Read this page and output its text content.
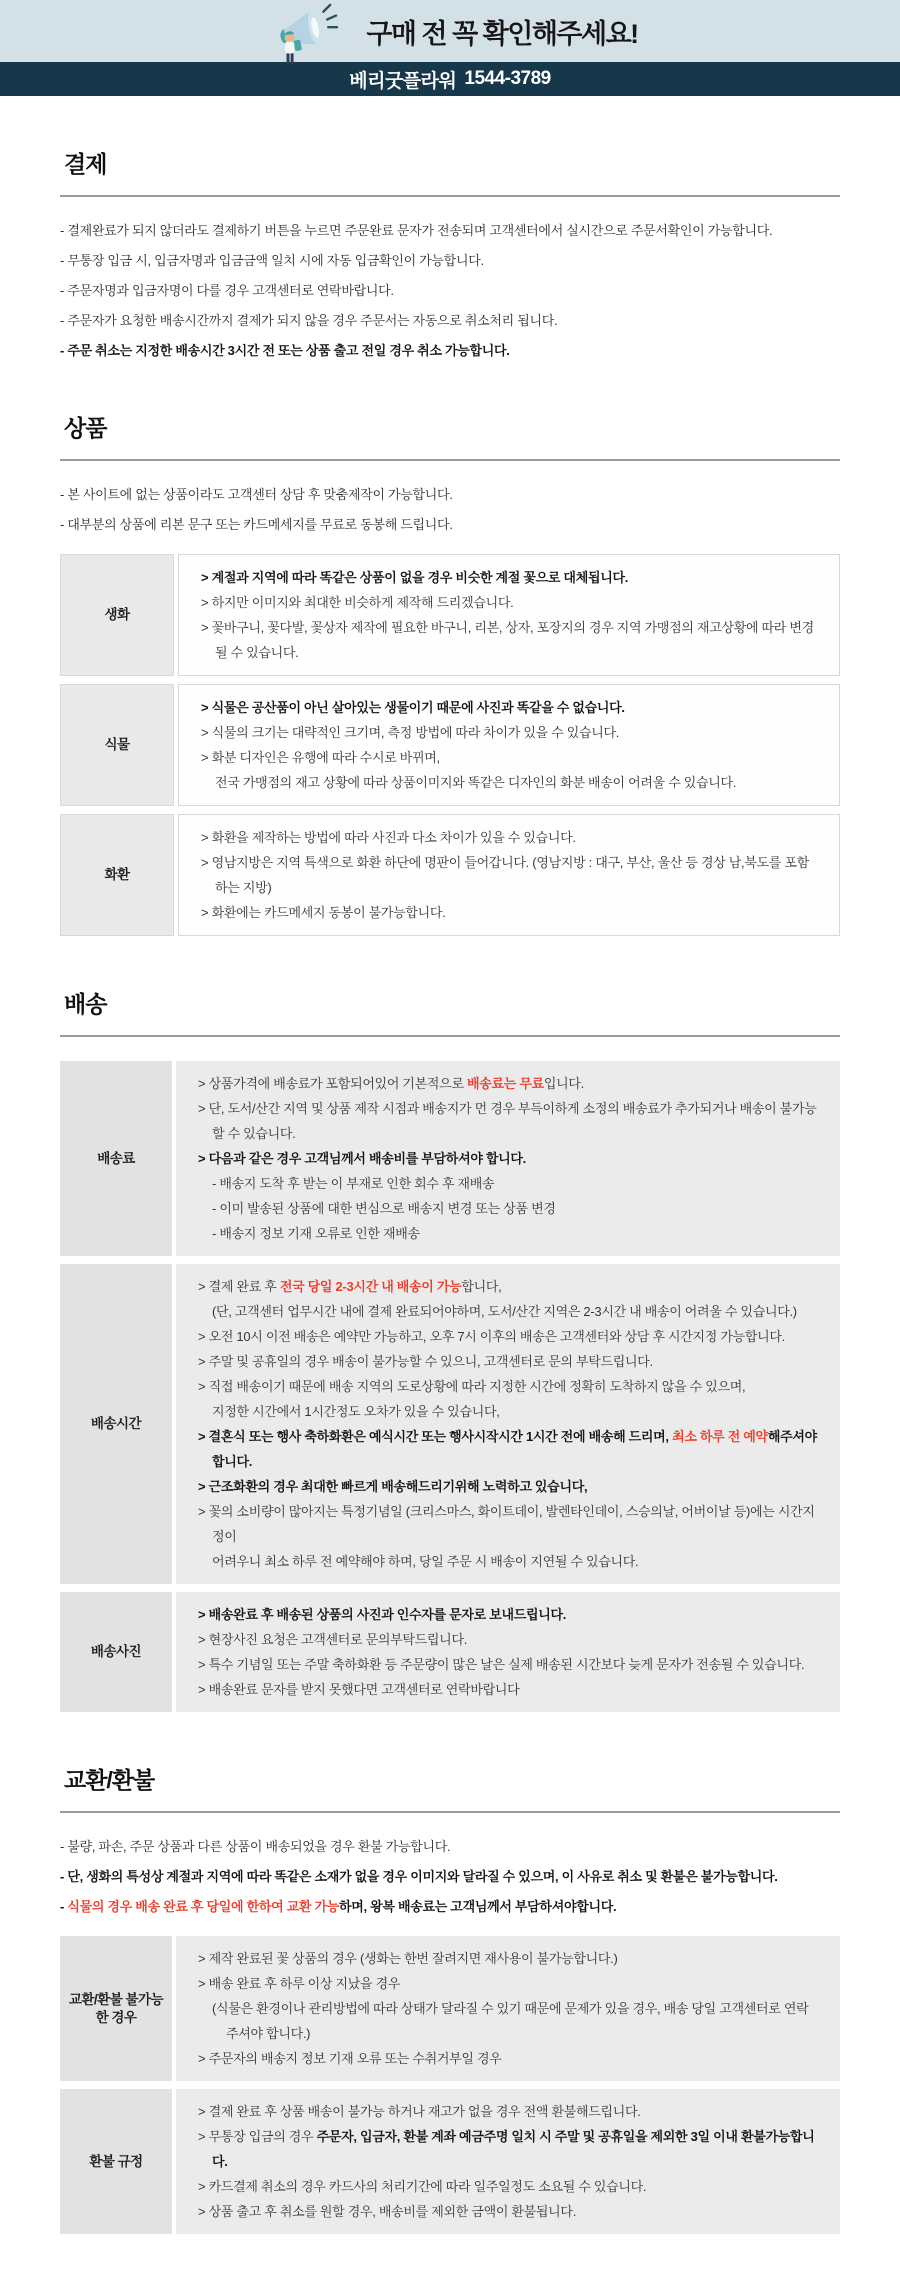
구매 전 꼭 확인해주세요!
베리굿플라워 1544-3789
결제
- 결제완료가 되지 않더라도 결제하기 버튼을 누르면 주문완료 문자가 전송되며 고객센터에서 실시간으로 주문서확인이 가능합니다.
- 무통장 입금 시, 입금자명과 입금금액 일치 시에 자동 입금확인이 가능합니다.
- 주문자명과 입금자명이 다를 경우 고객센터로 연락바랍니다.
- 주문자가 요청한 배송시간까지 결제가 되지 않을 경우 주문서는 자동으로 취소처리 됩니다.
- 주문 취소는 지정한 배송시간 3시간 전 또는 상품 출고 전일 경우 취소 가능합니다.
상품
- 본 사이트에 없는 상품이라도 고객센터 상담 후 맞춤제작이 가능합니다.
- 대부분의 상품에 리본 문구 또는 카드메세지를 무료로 동봉해 드립니다.
생화
> 계절과 지역에 따라 똑같은 상품이 없을 경우 비슷한 계절 꽃으로 대체됩니다.
> 하지만 이미지와 최대한 비슷하게 제작해 드리겠습니다.
> 꽃바구니, 꽃다발, 꽃상자 제작에 필요한 바구니, 리본, 상자, 포장지의 경우 지역 가맹점의 재고상황에 따라 변경될 수 있습니다.
식물
> 식물은 공산품이 아닌 살아있는 생물이기 때문에 사진과 똑같을 수 없습니다.
> 식물의 크기는 대략적인 크기며, 측정 방법에 따라 차이가 있을 수 있습니다.
> 화분 디자인은 유행에 따라 수시로 바뀌며,
전국 가맹점의 재고 상황에 따라 상품이미지와 똑같은 디자인의 화분 배송이 어려울 수 있습니다.
화환
> 화환을 제작하는 방법에 따라 사진과 다소 차이가 있을 수 있습니다.
> 영남지방은 지역 특색으로 화환 하단에 명판이 들어갑니다. (영남지방 : 대구, 부산, 울산 등 경상 남,북도를 포함하는 지방)
> 화환에는 카드메세지 동봉이 불가능합니다.
배송
배송료
> 상품가격에 배송료가 포함되어있어 기본적으로 배송료는 무료입니다.
> 단, 도서/산간 지역 및 상품 제작 시점과 배송지가 먼 경우 부득이하게 소정의 배송료가 추가되거나 배송이 불가능할 수 있습니다.
> 다음과 같은 경우 고객님께서 배송비를 부담하셔야 합니다.
- 배송지 도착 후 받는 이 부재로 인한 회수 후 재배송
- 이미 발송된 상품에 대한 변심으로 배송지 변경 또는 상품 변경
- 배송지 정보 기재 오류로 인한 재배송
배송시간
> 결제 완료 후 전국 당일 2-3시간 내 배송이 가능합니다,
(단, 고객센터 업무시간 내에 결제 완료되어야하며, 도서/산간 지역은 2-3시간 내 배송이 어려울 수 있습니다.)
> 오전 10시 이전 배송은 예약만 가능하고, 오후 7시 이후의 배송은 고객센터와 상담 후 시간지정 가능합니다.
> 주말 및 공휴일의 경우 배송이 불가능할 수 있으니, 고객센터로 문의 부탁드립니다.
> 직접 배송이기 때문에 배송 지역의 도로상황에 따라 지정한 시간에 정확히 도착하지 않을 수 있으며,
지정한 시간에서 1시간정도 오차가 있을 수 있습니다,
> 결혼식 또는 행사 축하화환은 예식시간 또는 행사시작시간 1시간 전에 배송해 드리며, 최소 하루 전 예약해주셔야 합니다.
> 근조화환의 경우 최대한 빠르게 배송해드리기위해 노력하고 있습니다,
> 꽃의 소비량이 많아지는 특정기념일 (크리스마스, 화이트데이, 발렌타인데이, 스승의날, 어버이날 등)에는 시간지정이
어려우니 최소 하루 전 예약해야 하며, 당일 주문 시 배송이 지연될 수 있습니다.
배송사진
> 배송완료 후 배송된 상품의 사진과 인수자를 문자로 보내드립니다.
> 현장사진 요청은 고객센터로 문의부탁드립니다.
> 특수 기념일 또는 주말 축하화환 등 주문량이 많은 날은 실제 배송된 시간보다 늦게 문자가 전송될 수 있습니다.
> 배송완료 문자를 받지 못했다면 고객센터로 연락바랍니다
교환/환불
- 불량, 파손, 주문 상품과 다른 상품이 배송되었을 경우 환불 가능합니다.
- 단, 생화의 특성상 계절과 지역에 따라 똑같은 소재가 없을 경우 이미지와 달라질 수 있으며, 이 사유로 취소 및 환불은 불가능합니다.
- 식물의 경우 배송 완료 후 당일에 한하여 교환 가능하며, 왕복 배송료는 고객님께서 부담하셔야합니다.
교환/환불 불가능한 경우
> 제작 완료된 꽃 상품의 경우 (생화는 한번 잘려지면 재사용이 불가능합니다.)
> 배송 완료 후 하루 이상 지났을 경우
(식물은 환경이나 관리방법에 따라 상태가 달라질 수 있기 때문에 문제가 있을 경우, 배송 당일 고객센터로 연락주셔야 합니다.)
> 주문자의 배송지 정보 기재 오류 또는 수취거부일 경우
환불 규정
> 결제 완료 후 상품 배송이 불가능 하거나 재고가 없을 경우 전액 환불해드립니다.
> 무통장 입금의 경우 주문자, 입금자, 환불 계좌 예금주명 일치 시 주말 및 공휴일을 제외한 3일 이내 환불가능합니다.
> 카드결제 취소의 경우 카드사의 처리기간에 따라 일주일정도 소요될 수 있습니다.
> 상품 출고 후 취소를 원할 경우, 배송비를 제외한 금액이 환불됩니다.
